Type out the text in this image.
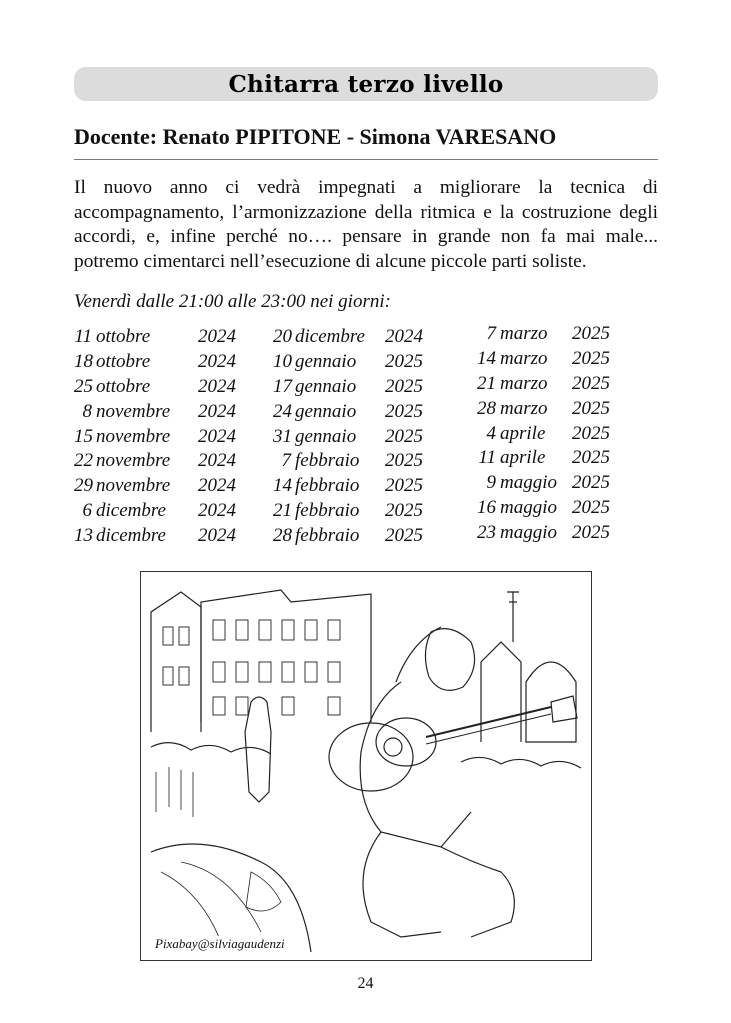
Chitarra terzo livello
Docente: Renato PIPITONE - Simona VARESANO

Il nuovo anno ci vedrà impegnati a migliorare la tecnica di accompagnamento, l’armonizzazione della ritmica e la costruzione degli accordi, e, infine perché no…. pensare in grande non fa mai male... potremo cimentarci nell’esecuzione di alcune piccole parti soliste.

Venerdì dalle 21:00 alle 23:00 nei giorni:
11 ottobre	2024
18 ottobre	2024
25 ottobre	2024
8 novembre	2024
15 novembre	2024
22 novembre	2024
29 novembre	2024
6 dicembre	2024
13 dicembre	2024
20 dicembre	2024
10 gennaio	2025
17 gennaio	2025
24 gennaio	2025
31 gennaio	2025
7 febbraio	2025
14 febbraio	2025
21 febbraio	2025
28 febbraio	2025
7 marzo	2025
14 marzo	2025
21 marzo	2025
28 marzo	2025
4 aprile	2025
11 aprile	2025
9 maggio 2025
16 maggio 2025
23 maggio 2025
Pixabay@silviagaudenzi
24
